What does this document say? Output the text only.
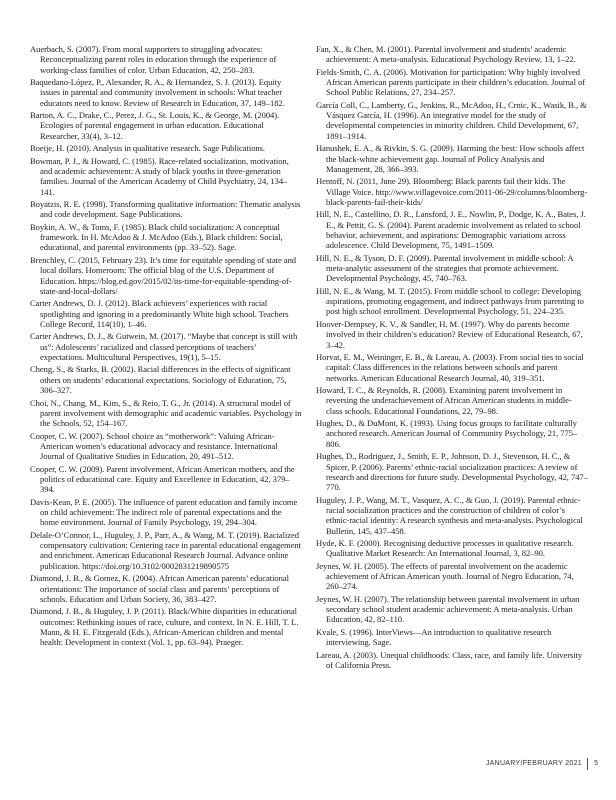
Auerbach, S. (2007). From moral supporters to struggling advocates: Reconceptualizing parent roles in education through the experience of working-class families of color. Urban Education, 42, 250–283.

Baquedano-López, P., Alexander, R. A., & Hernandez, S. J. (2013). Equity issues in parental and community involvement in schools: What teacher educators need to know. Review of Research in Education, 37, 149–182.

Barton, A. C., Drake, C., Perez, J. G., St. Louis, K., & George, M. (2004). Ecologies of parental engagement in urban education. Educational Researcher, 33(4), 3–12.

Boeije, H. (2010). Analysis in qualitative research. Sage Publications.

Bowman, P. J., & Howard, C. (1985). Race-related socialization, motivation, and academic achievement: A study of black youths in three-generation families. Journal of the American Academy of Child Psychiatry, 24, 134–141.

Boyatzis, R. E. (1998). Transforming qualitative information: Thematic analysis and code development. Sage Publications.

Boykin, A. W., & Toms, F. (1985). Black child socialization: A conceptual framework. In H. McAdoo & J. McAdoo (Eds.), Black children: Social, educational, and parental environments (pp. 33–52). Sage.

Brenchley, C. (2015, February 23). It’s time for equitable spending of state and local dollars. Homeroom: The official blog of the U.S. Department of Education. https://blog.ed.gov/2015/02/its-time-for-equitable-spending-of-state-and-local-dollars/

Carter Andrews, D. J. (2012). Black achievers’ experiences with racial spotlighting and ignoring in a predominantly White high school. Teachers College Record, 114(10), 1–46.

Carter Andrews, D. J., & Gutwein, M. (2017). “Maybe that concept is still with us”: Adolescents’ racialized and classed perceptions of teachers’ expectations. Multicultural Perspectives, 19(1), 5–15.

Cheng, S., & Starks, B. (2002). Racial differences in the effects of significant others on students’ educational expectations. Sociology of Education, 75, 306–327.

Choi, N., Chang, M., Kim, S., & Reio, T. G., Jr. (2014). A structural model of parent involvement with demographic and academic variables. Psychology in the Schools, 52, 154–167.

Cooper, C. W. (2007). School choice as “motherwork”: Valuing African-American women’s educational advocacy and resistance. International Journal of Qualitative Studies in Education, 20, 491–512.

Cooper, C. W. (2009). Parent involvement, African American mothers, and the politics of educational care. Equity and Excellence in Education, 42, 379–394.

Davis-Kean, P. E. (2005). The influence of parent education and family income on child achievement: The indirect role of parental expectations and the home environment. Journal of Family Psychology, 19, 294–304.

Delale-O’Connor, L., Huguley, J. P., Parr, A., & Wang, M. T. (2019). Racialized compensatory cultivation: Centering race in parental educational engagement and enrichment. American Educational Research Journal. Advance online publication. https://doi.org/10.3102/0002831219890575

Diamond, J. B., & Gomez, K. (2004). African American parents’ educational orientations: The importance of social class and parents’ perceptions of schools. Education and Urban Society, 36, 383–427.

Diamond, J. B., & Huguley, J. P. (2011). Black/White disparities in educational outcomes: Rethinking issues of race, culture, and context. In N. E. Hill, T. L. Mann, & H. E. Fitzgerald (Eds.), African-American children and mental health: Development in context (Vol. 1, pp. 63–94). Praeger.

Fan, X., & Chen, M. (2001). Parental involvement and students’ academic achievement: A meta-analysis. Educational Psychology Review, 13, 1–22.

Fields-Smith, C. A. (2006). Motivation for participation: Why highly involved African American parents participate in their children’s education. Journal of School Public Relations, 27, 234–257.

García Coll, C., Lamberty, G., Jenkins, R., McAdoo, H., Crnic, K., Wasik, B., & Vásquez García, H. (1996). An integrative model for the study of developmental competencies in minority children. Child Development, 67, 1891–1914.

Hanushek, E. A., & Rivkin, S. G. (2009). Harming the best: How schools affect the black-white achievement gap. Journal of Policy Analysis and Management, 28, 366–393.

Hentoff, N. (2011, June 29). Bloomberg: Black parents fail their kids. The Village Voice. http://www.villagevoice.com/2011-06-29/columns/bloomberg-black-parents-fail-their-kids/

Hill, N. E., Castellino, D. R., Lansford, J. E., Nowlin, P., Dodge, K. A., Bates, J. E., & Pettit, G. S. (2004). Parent academic involvement as related to school behavior, achievement, and aspirations: Demographic variations across adolescence. Child Development, 75, 1491–1509.

Hill, N. E., & Tyson, D. F. (2009). Parental involvement in middle school: A meta-analytic assessment of the strategies that promote achievement. Developmental Psychology, 45, 740–763.

Hill, N. E., & Wang, M. T. (2015). From middle school to college: Developing aspirations, promoting engagement, and indirect pathways from parenting to post high school enrollment. Developmental Psychology, 51, 224–235.

Hoover-Dempsey, K. V., & Sandler, H. M. (1997). Why do parents become involved in their children’s education? Review of Educational Research, 67, 3–42.

Horvat, E. M., Weininger, E. B., & Lareau, A. (2003). From social ties to social capital: Class differences in the relations between schools and parent networks. American Educational Research Journal, 40, 319–351.

Howard, T. C., & Reynolds, R. (2008). Examining parent involvement in reversing the underachievement of African American students in middle-class schools. Educational Foundations, 22, 79–98.

Hughes, D., & DuMont, K. (1993). Using focus groups to facilitate culturally anchored research. American Journal of Community Psychology, 21, 775–806.

Hughes, D., Rodriguez, J., Smith, E. P., Johnson, D. J., Stevenson, H. C., & Spicer, P. (2006). Parents’ ethnic-racial socialization practices: A review of research and directions for future study. Developmental Psychology, 42, 747–770.

Huguley, J. P., Wang, M. T., Vasquez, A. C., & Guo, J. (2019). Parental ethnic-racial socialization practices and the construction of children of color’s ethnic-racial identity: A research synthesis and meta-analysis. Psychological Bulletin, 145, 437–458.

Hyde, K. F. (2000). Recognising deductive processes in qualitative research. Qualitative Market Research: An International Journal, 3, 82–90.

Jeynes, W. H. (2005). The effects of parental involvement on the academic achievement of African American youth. Journal of Negro Education, 74, 260–274.

Jeynes, W. H. (2007). The relationship between parental involvement in urban secondary school student academic achievement: A meta-analysis. Urban Education, 42, 82–110.

Kvale, S. (1996). InterViews—An introduction to qualitative research interviewing. Sage.

Lareau, A. (2003). Unequal childhoods: Class, race, and family life. University of California Press.

JANUARY/FEBRUARY 2021 5
